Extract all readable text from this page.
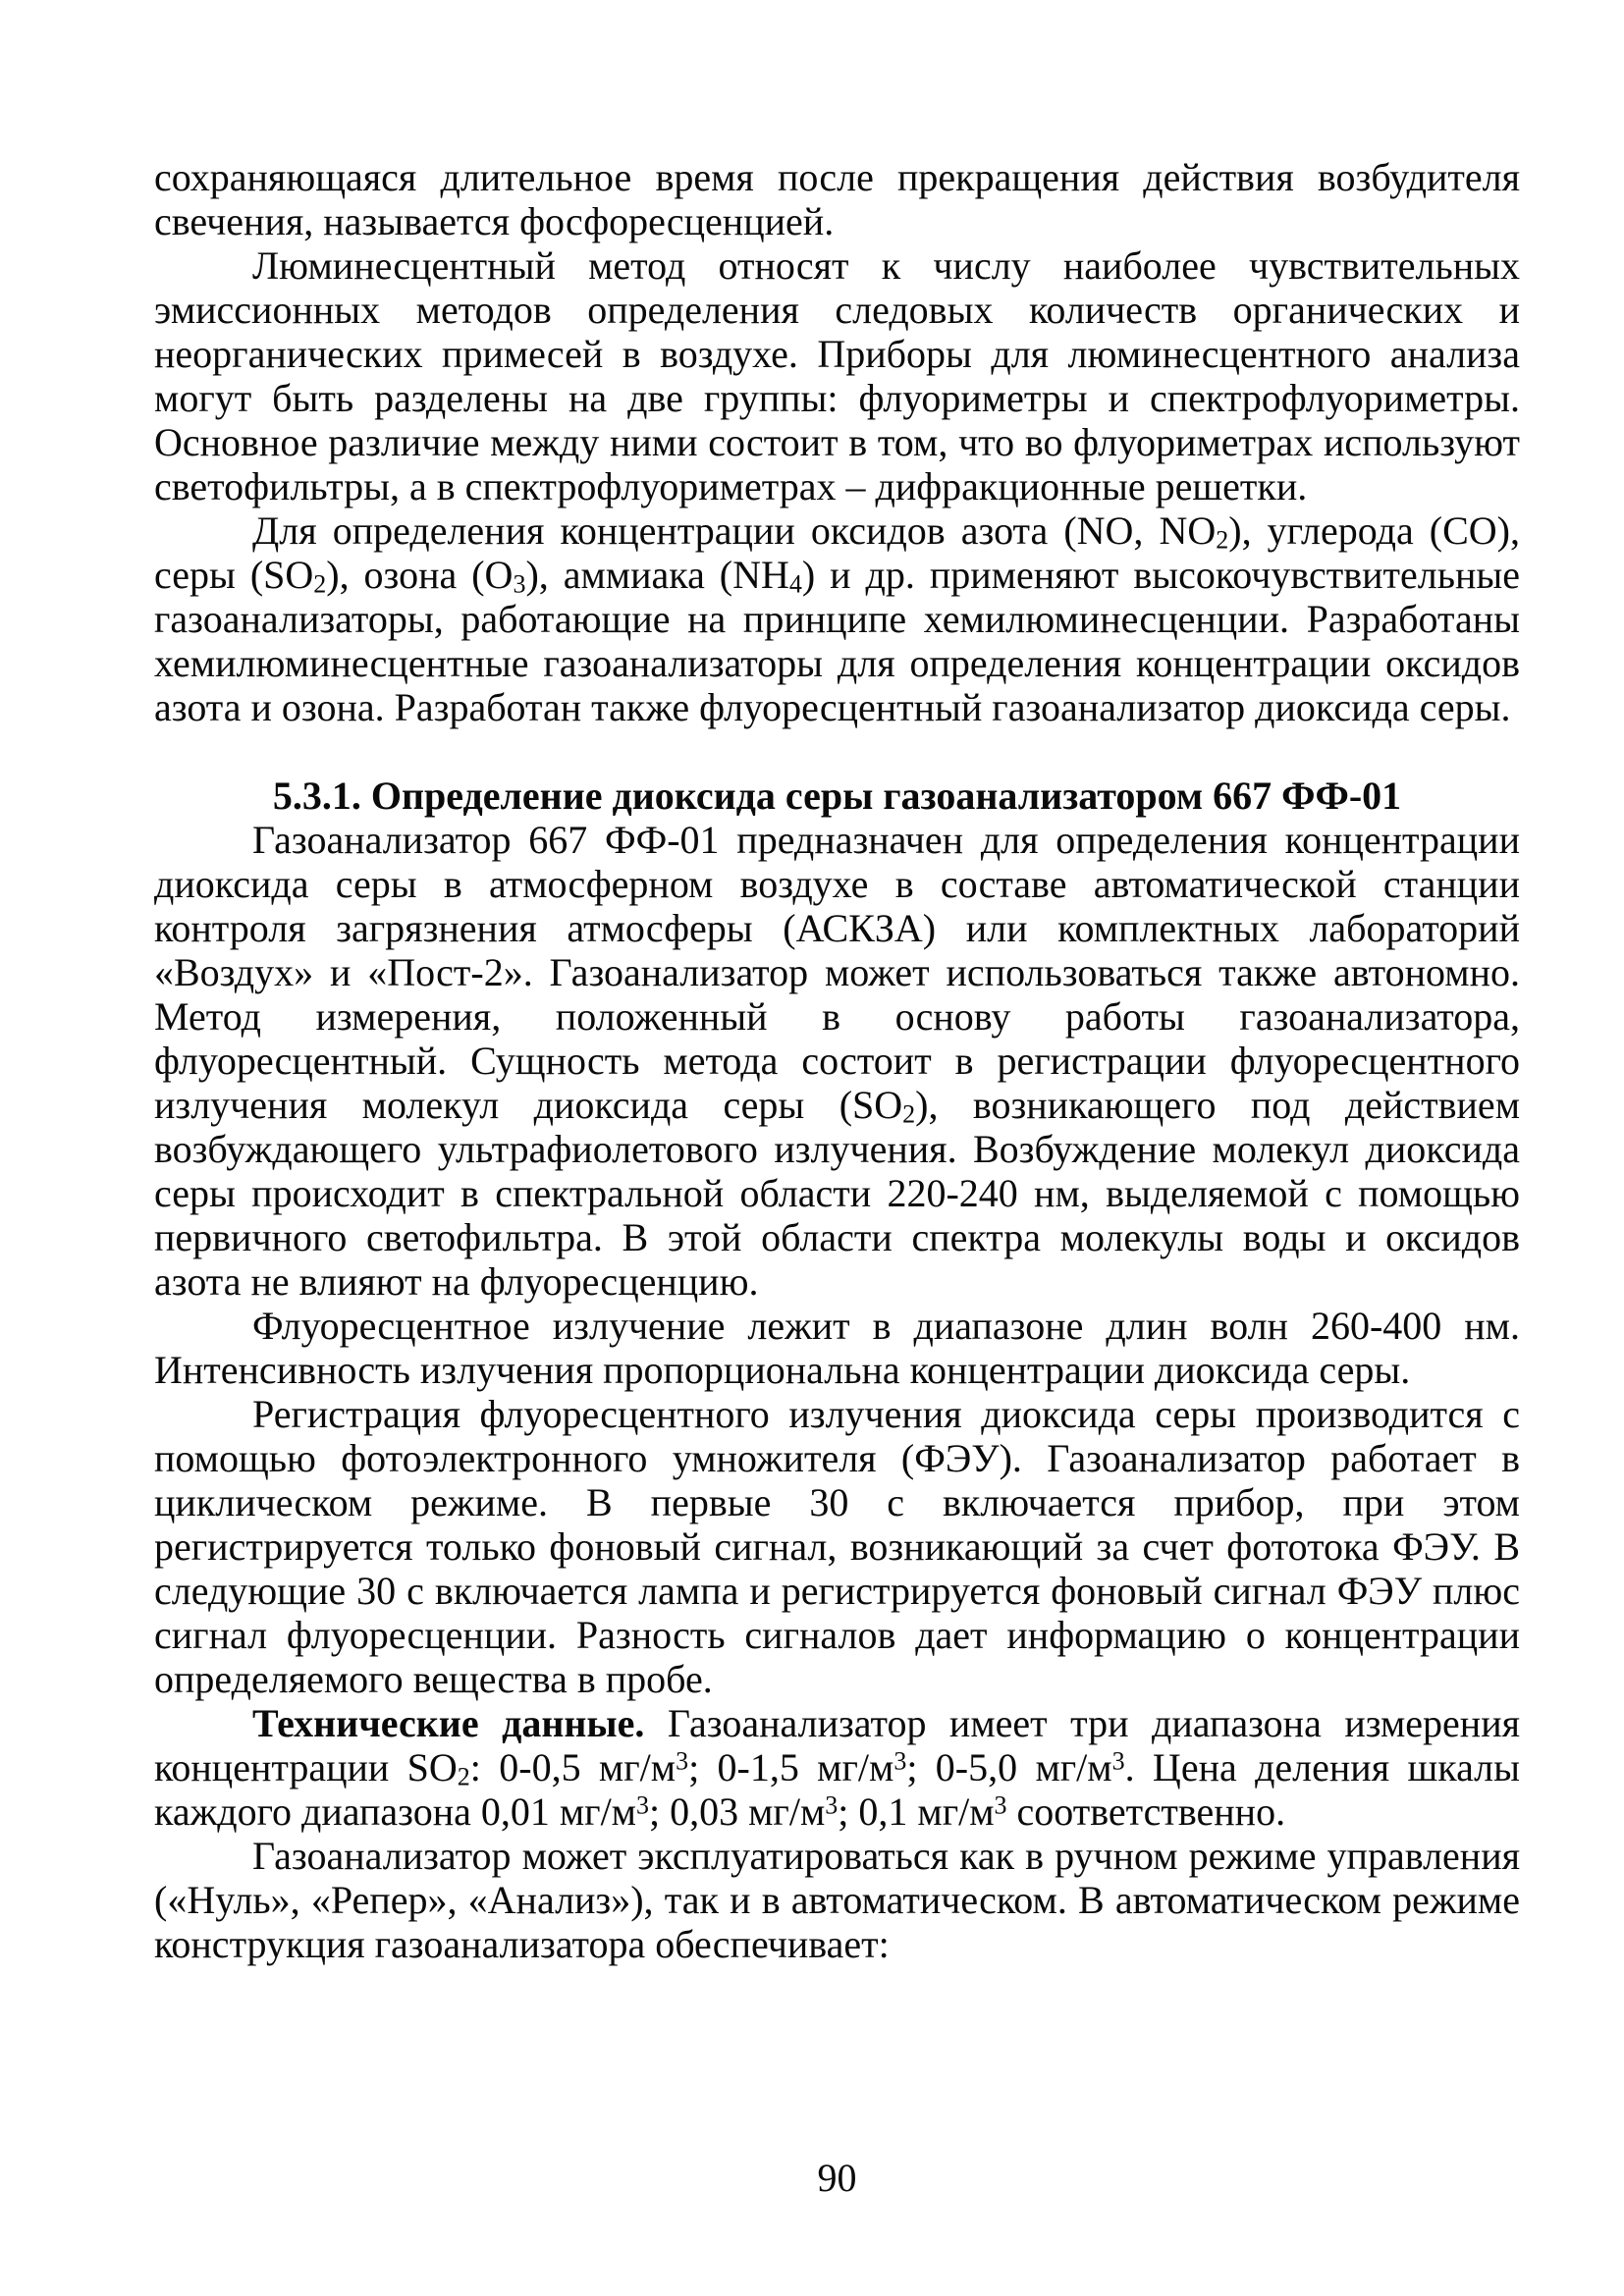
сохраняющаяся длительное время после прекращения действия возбудителя свечения, называется фосфоресценцией.

Люминесцентный метод относят к числу наиболее чувствительных эмиссионных методов определения следовых количеств органических и неорганических примесей в воздухе. Приборы для люминесцентного анализа могут быть разделены на две группы: флуориметры и спектрофлуориметры. Основное различие между ними состоит в том, что во флуориметрах используют светофильтры, а в спектрофлуориметрах – дифракционные решетки.

Для определения концентрации оксидов азота (NO, $NO_2$), углерода (CO), серы $(SO_2)$, озона $(O_3)$, аммиака $(NH_4)$ и др. применяют высокочувствительные газоанализаторы, работающие на принципе хемилюминесценции. Разработаны хемилюминесцентные газоанализаторы для определения концентрации оксидов азота и озона. Разработан также флуоресцентный газоанализатор диоксида серы.

5.3.1. Определение диоксида серы газоанализатором 667 ФФ-01

Газоанализатор 667 ФФ-01 предназначен для определения концентрации диоксида серы в атмосферном воздухе в составе автоматической станции контроля загрязнения атмосферы (АСКЗА) или комплектных лабораторий «Воздух» и «Пост-2». Газоанализатор может использоваться также автономно. Метод измерения, положенный в основу работы газоанализатора, флуоресцентный. Сущность метода состоит в регистрации флуоресцентного излучения молекул диоксида серы $(SO_2)$, возникающего под действием возбуждающего ультрафиолетового излучения. Возбуждение молекул диоксида серы происходит в спектральной области 220-240 нм, выделяемой с помощью первичного светофильтра. В этой области спектра молекулы воды и оксидов азота не влияют на флуоресценцию.

Флуоресцентное излучение лежит в диапазоне длин волн 260-400 нм. Интенсивность излучения пропорциональна концентрации диоксида серы.

Регистрация флуоресцентного излучения диоксида серы производится с помощью фотоэлектронного умножителя (ФЭУ). Газоанализатор работает в циклическом режиме. В первые 30 с включается прибор, при этом регистрируется только фоновый сигнал, возникающий за счет фототока ФЭУ. В следующие 30 с включается лампа и регистрируется фоновый сигнал ФЭУ плюс сигнал флуоресценции. Разность сигналов дает информацию о концентрации определяемого вещества в пробе.

Технические данные. Газоанализатор имеет три диапазона измерения концентрации $SO_2$: 0-0,5 $мг/м^3$; 0-1,5 $мг/м^3$; 0-5,0 $мг/м^3$. Цена деления шкалы каждого диапазона 0,01 $мг/м^3$; 0,03 $мг/м^3$; 0,1 $мг/м^3$ соответственно.

Газоанализатор может эксплуатироваться как в ручном режиме управления («Нуль», «Репер», «Анализ»), так и в автоматическом. В автоматическом режиме конструкция газоанализатора обеспечивает:

90
